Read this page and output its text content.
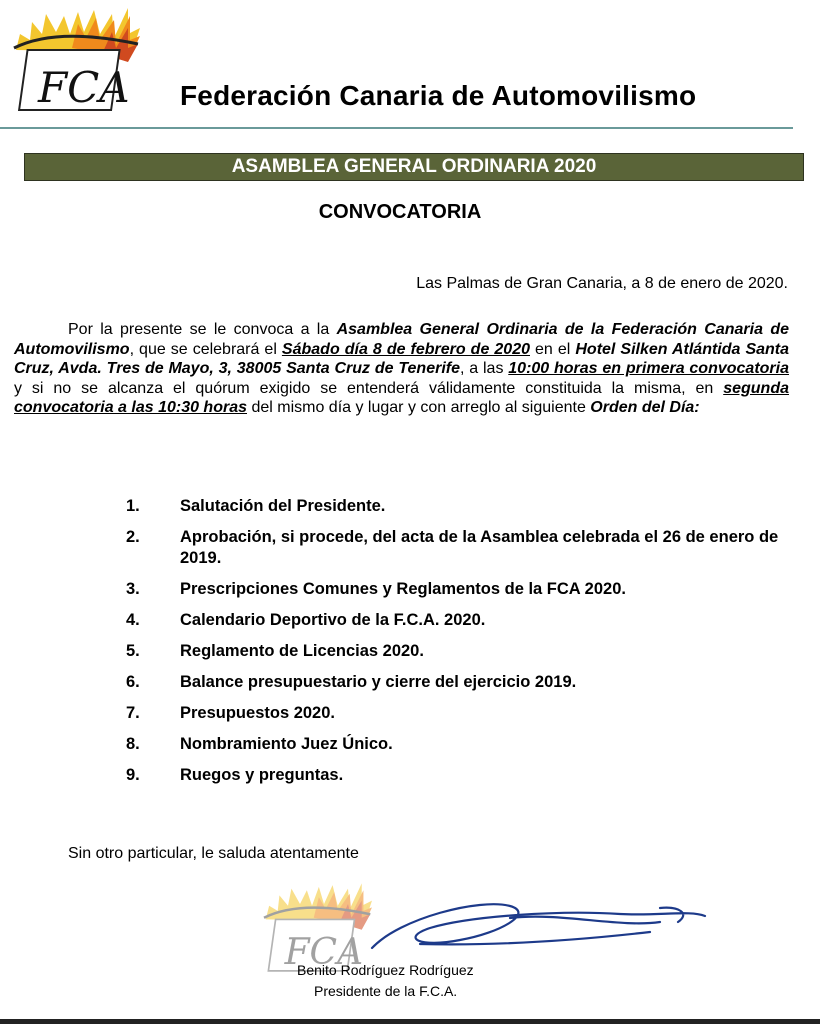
FCA Federación Canaria de Automovilismo
ASAMBLEA GENERAL ORDINARIA 2020
CONVOCATORIA
Las Palmas de Gran Canaria, a 8 de enero de 2020.

Por la presente se le convoca a la Asamblea General Ordinaria de la Federación Canaria de Automovilismo, que se celebrará el Sábado día 8 de febrero de 2020 en el Hotel Silken Atlántida Santa Cruz, Avda. Tres de Mayo, 3, 38005 Santa Cruz de Tenerife, a las 10:00 horas en primera convocatoria y si no se alcanza el quórum exigido se entenderá válidamente constituida la misma, en segunda convocatoria a las 10:30 horas del mismo día y lugar y con arreglo al siguiente Orden del Día:

1.	Salutación del Presidente.
2.	Aprobación, si procede, del acta de la Asamblea celebrada el 26 de enero de 2019.
3.	Prescripciones Comunes y Reglamentos de la FCA 2020.
4.	Calendario Deportivo de la F.C.A. 2020.
5.	Reglamento de Licencias 2020.
6.	Balance presupuestario y cierre del ejercicio 2019.
7.	Presupuestos 2020.
8.	Nombramiento Juez Único.
9.	Ruegos y preguntas.
Sin otro particular, le saluda atentamente
FCA
Benito Rodríguez Rodríguez
Presidente de la F.C.A.
